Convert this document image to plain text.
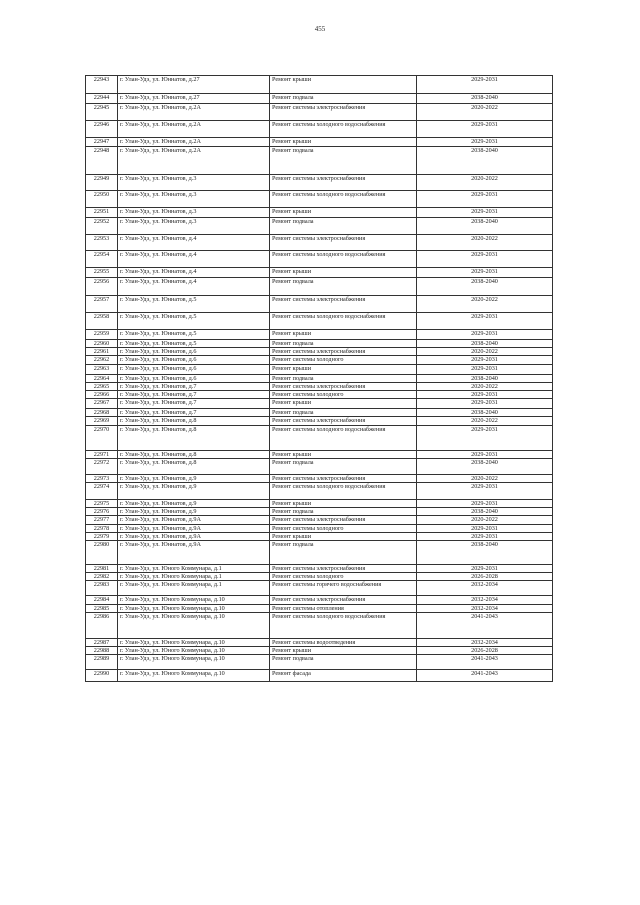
455
22943	г. Улан-Удэ, ул. Юннатов, д.27	Ремонт крыши	2029-2031
22944	г. Улан-Удэ, ул. Юннатов, д.27	Ремонт подвала	2038-2040
22945	г. Улан-Удэ, ул. Юннатов, д.2А	Ремонт системы электроснабжения	2020-2022
22946	г. Улан-Удэ, ул. Юннатов, д.2А	Ремонт системы холодного водоснабжения	2029-2031
22947	г. Улан-Удэ, ул. Юннатов, д.2А	Ремонт крыши	2029-2031
22948	г. Улан-Удэ, ул. Юннатов, д.2А	Ремонт подвала	2038-2040
22949	г. Улан-Удэ, ул. Юннатов, д.3	Ремонт системы электроснабжения	2020-2022
22950	г. Улан-Удэ, ул. Юннатов, д.3	Ремонт системы холодного водоснабжения	2029-2031
22951	г. Улан-Удэ, ул. Юннатов, д.3	Ремонт крыши	2029-2031
22952	г. Улан-Удэ, ул. Юннатов, д.3	Ремонт подвала	2038-2040
22953	г. Улан-Удэ, ул. Юннатов, д.4	Ремонт системы электроснабжения	2020-2022
22954	г. Улан-Удэ, ул. Юннатов, д.4	Ремонт системы холодного водоснабжения	2029-2031
22955	г. Улан-Удэ, ул. Юннатов, д.4	Ремонт крыши	2029-2031
22956	г. Улан-Удэ, ул. Юннатов, д.4	Ремонт подвала	2038-2040
22957	г. Улан-Удэ, ул. Юннатов, д.5	Ремонт системы электроснабжения	2020-2022
22958	г. Улан-Удэ, ул. Юннатов, д.5	Ремонт системы холодного водоснабжения	2029-2031
22959	г. Улан-Удэ, ул. Юннатов, д.5	Ремонт крыши	2029-2031
22960	г. Улан-Удэ, ул. Юннатов, д.5	Ремонт подвала	2038-2040
22961	г. Улан-Удэ, ул. Юннатов, д.6	Ремонт системы электроснабжения	2020-2022
22962	г. Улан-Удэ, ул. Юннатов, д.6	Ремонт системы холодного	2029-2031
22963	г. Улан-Удэ, ул. Юннатов, д.6	Ремонт крыши	2029-2031
22964	г. Улан-Удэ, ул. Юннатов, д.6	Ремонт подвала	2038-2040
22965	г. Улан-Удэ, ул. Юннатов, д.7	Ремонт системы электроснабжения	2020-2022
22966	г. Улан-Удэ, ул. Юннатов, д.7	Ремонт системы холодного	2029-2031
22967	г. Улан-Удэ, ул. Юннатов, д.7	Ремонт крыши	2029-2031
22968	г. Улан-Удэ, ул. Юннатов, д.7	Ремонт подвала	2038-2040
22969	г. Улан-Удэ, ул. Юннатов, д.8	Ремонт системы электроснабжения	2020-2022
22970	г. Улан-Удэ, ул. Юннатов, д.8	Ремонт системы холодного водоснабжения	2029-2031
22971	г. Улан-Удэ, ул. Юннатов, д.8	Ремонт крыши	2029-2031
22972	г. Улан-Удэ, ул. Юннатов, д.8	Ремонт подвала	2038-2040
22973	г. Улан-Удэ, ул. Юннатов, д.9	Ремонт системы электроснабжения	2020-2022
22974	г. Улан-Удэ, ул. Юннатов, д.9	Ремонт системы холодного водоснабжения	2029-2031
22975	г. Улан-Удэ, ул. Юннатов, д.9	Ремонт крыши	2029-2031
22976	г. Улан-Удэ, ул. Юннатов, д.9	Ремонт подвала	2038-2040
22977	г. Улан-Удэ, ул. Юннатов, д.9А	Ремонт системы электроснабжения	2020-2022
22978	г. Улан-Удэ, ул. Юннатов, д.9А	Ремонт системы холодного	2029-2031
22979	г. Улан-Удэ, ул. Юннатов, д.9А	Ремонт крыши	2029-2031
22980	г. Улан-Удэ, ул. Юннатов, д.9А	Ремонт подвала	2038-2040
22981	г. Улан-Удэ, ул. Юного Коммунара, д.1	Ремонт системы электроснабжения	2029-2031
22982	г. Улан-Удэ, ул. Юного Коммунара, д.1	Ремонт системы холодного	2026-2028
22983	г. Улан-Удэ, ул. Юного Коммунара, д.1	Ремонт системы горячего водоснабжения	2032-2034
22984	г. Улан-Удэ, ул. Юного Коммунара, д.10	Ремонт системы электроснабжения	2032-2034
22985	г. Улан-Удэ, ул. Юного Коммунара, д.10	Ремонт системы отопления	2032-2034
22986	г. Улан-Удэ, ул. Юного Коммунара, д.10	Ремонт системы холодного водоснабжения	2041-2043
22987	г. Улан-Удэ, ул. Юного Коммунара, д.10	Ремонт системы водоотведения	2032-2034
22988	г. Улан-Удэ, ул. Юного Коммунара, д.10	Ремонт крыши	2026-2028
22989	г. Улан-Удэ, ул. Юного Коммунара, д.10	Ремонт подвала	2041-2043
22990	г. Улан-Удэ, ул. Юного Коммунара, д.10	Ремонт фасада	2041-2043
